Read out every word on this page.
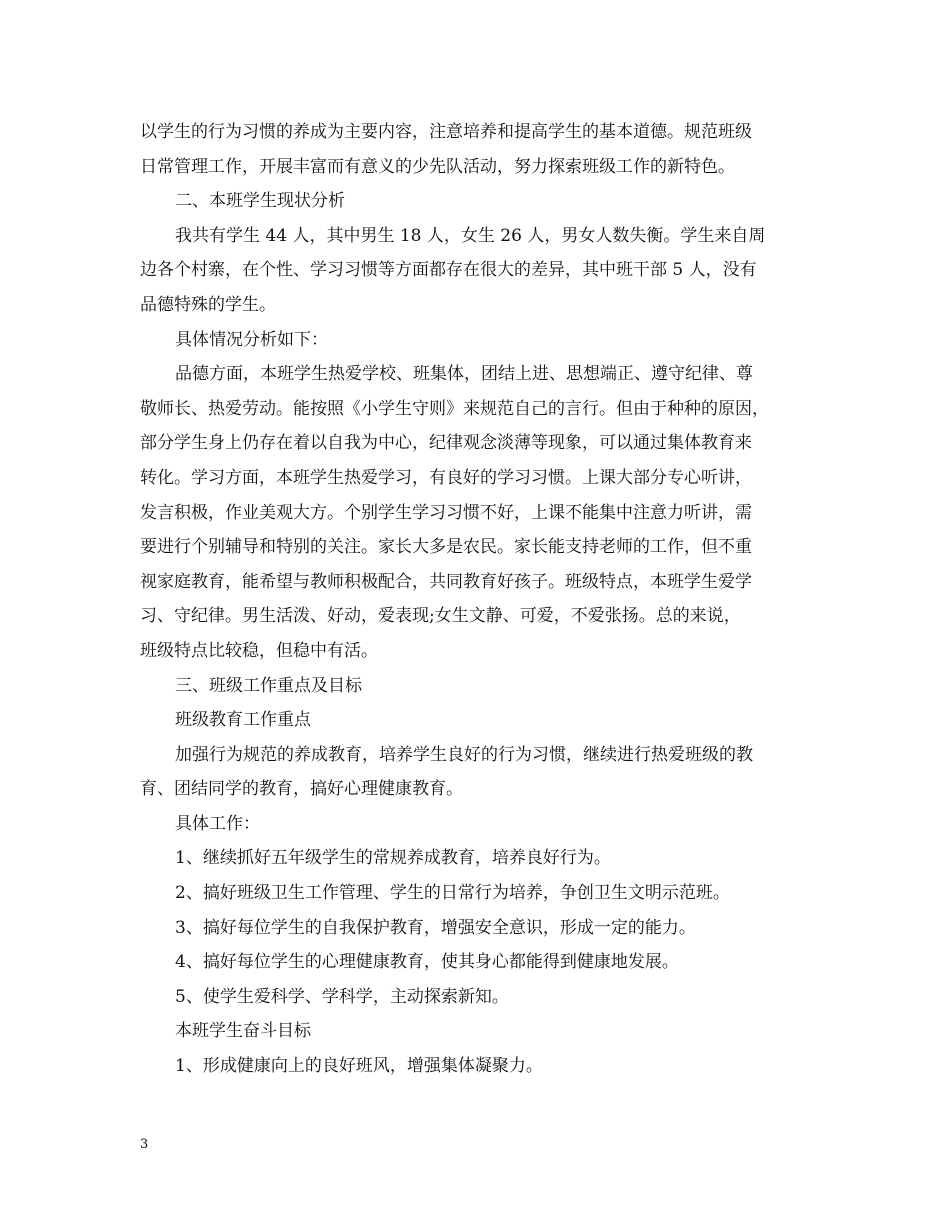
以学生的行为习惯的养成为主要内容，注意培养和提高学生的基本道德。规范班级
日常管理工作，开展丰富而有意义的少先队活动，努力探索班级工作的新特色。
二、本班学生现状分析
我共有学生 44 人，其中男生 18 人，女生 26 人，男女人数失衡。学生来自周
边各个村寨，在个性、学习习惯等方面都存在很大的差异，其中班干部 5 人，没有
品德特殊的学生。
具体情况分析如下：
品德方面，本班学生热爱学校、班集体，团结上进、思想端正、遵守纪律、尊
敬师长、热爱劳动。能按照《小学生守则》来规范自己的言行。但由于种种的原因，
部分学生身上仍存在着以自我为中心，纪律观念淡薄等现象，可以通过集体教育来
转化。学习方面，本班学生热爱学习，有良好的学习习惯。上课大部分专心听讲，
发言积极，作业美观大方。个别学生学习习惯不好，上课不能集中注意力听讲，需
要进行个别辅导和特别的关注。家长大多是农民。家长能支持老师的工作，但不重
视家庭教育，能希望与教师积极配合，共同教育好孩子。班级特点，本班学生爱学
习、守纪律。男生活泼、好动，爱表现;女生文静、可爱，不爱张扬。总的来说，
班级特点比较稳，但稳中有活。
三、班级工作重点及目标
班级教育工作重点
加强行为规范的养成教育，培养学生良好的行为习惯，继续进行热爱班级的教
育、团结同学的教育，搞好心理健康教育。
具体工作：
1、继续抓好五年级学生的常规养成教育，培养良好行为。
2、搞好班级卫生工作管理、学生的日常行为培养，争创卫生文明示范班。
3、搞好每位学生的自我保护教育，增强安全意识，形成一定的能力。
4、搞好每位学生的心理健康教育，使其身心都能得到健康地发展。
5、使学生爱科学、学科学，主动探索新知。
本班学生奋斗目标
1、形成健康向上的良好班风，增强集体凝聚力。
3
